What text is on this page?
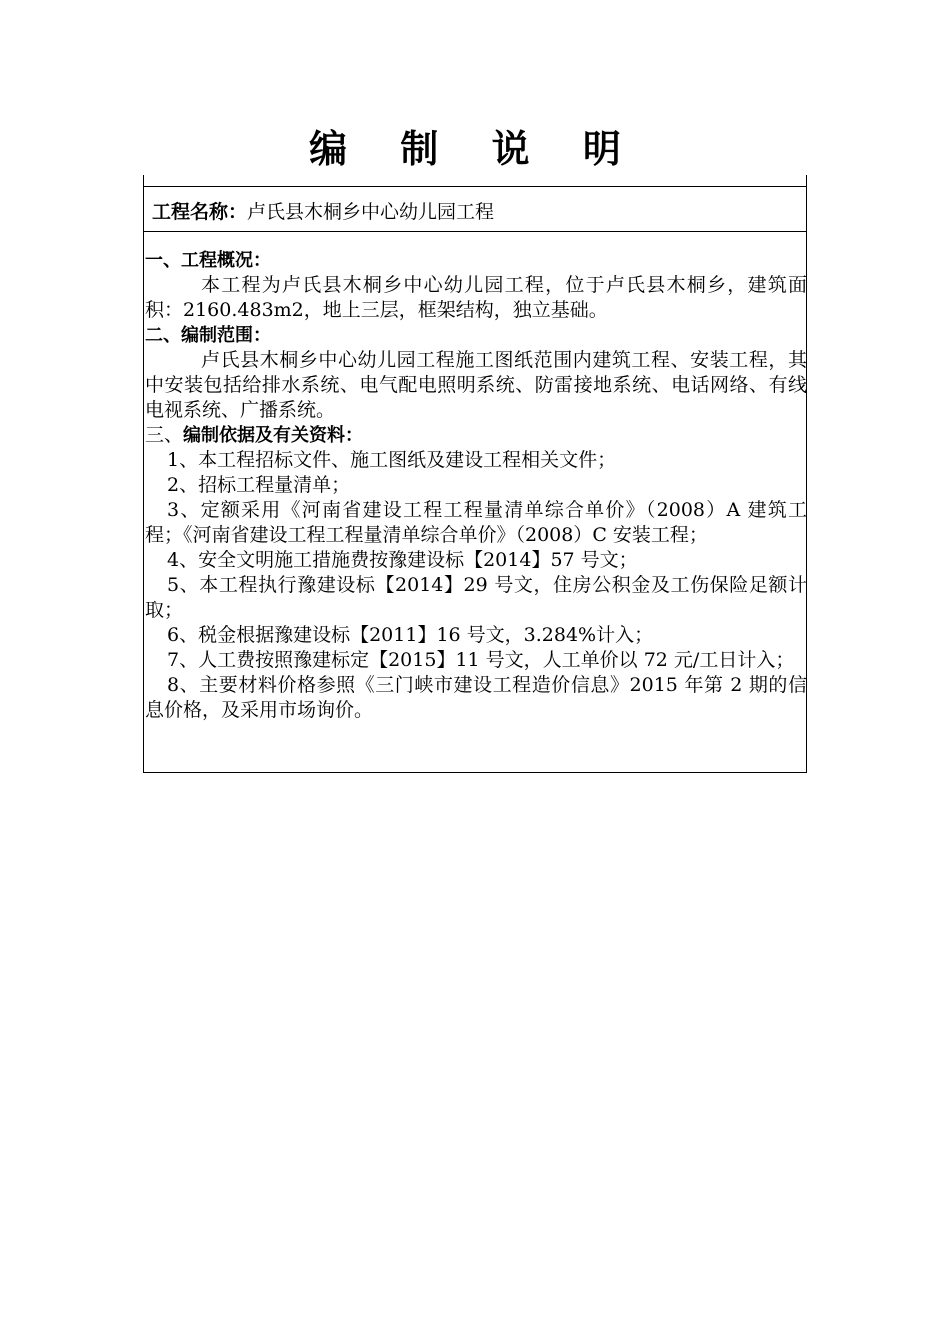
编 制 说 明
工程名称：卢氏县木桐乡中心幼儿园工程
一、工程概况：
本工程为卢氏县木桐乡中心幼儿园工程，位于卢氏县木桐乡，建筑面积：2160.483m2，地上三层，框架结构，独立基础。
二、编制范围：
卢氏县木桐乡中心幼儿园工程施工图纸范围内建筑工程、安装工程，其中安装包括给排水系统、电气配电照明系统、防雷接地系统、电话网络、有线电视系统、广播系统。
三、编制依据及有关资料：
1、本工程招标文件、施工图纸及建设工程相关文件；
2、招标工程量清单；
3、定额采用《河南省建设工程工程量清单综合单价》（2008）A 建筑工程；《河南省建设工程工程量清单综合单价》（2008）C 安装工程；
4、安全文明施工措施费按豫建设标【2014】57 号文；
5、本工程执行豫建设标【2014】29 号文，住房公积金及工伤保险足额计取；
6、税金根据豫建设标【2011】16 号文，3.284%计入；
7、人工费按照豫建标定【2015】11 号文，人工单价以 72 元/工日计入；
8、主要材料价格参照《三门峡市建设工程造价信息》2015 年第 2 期的信息价格，及采用市场询价。
